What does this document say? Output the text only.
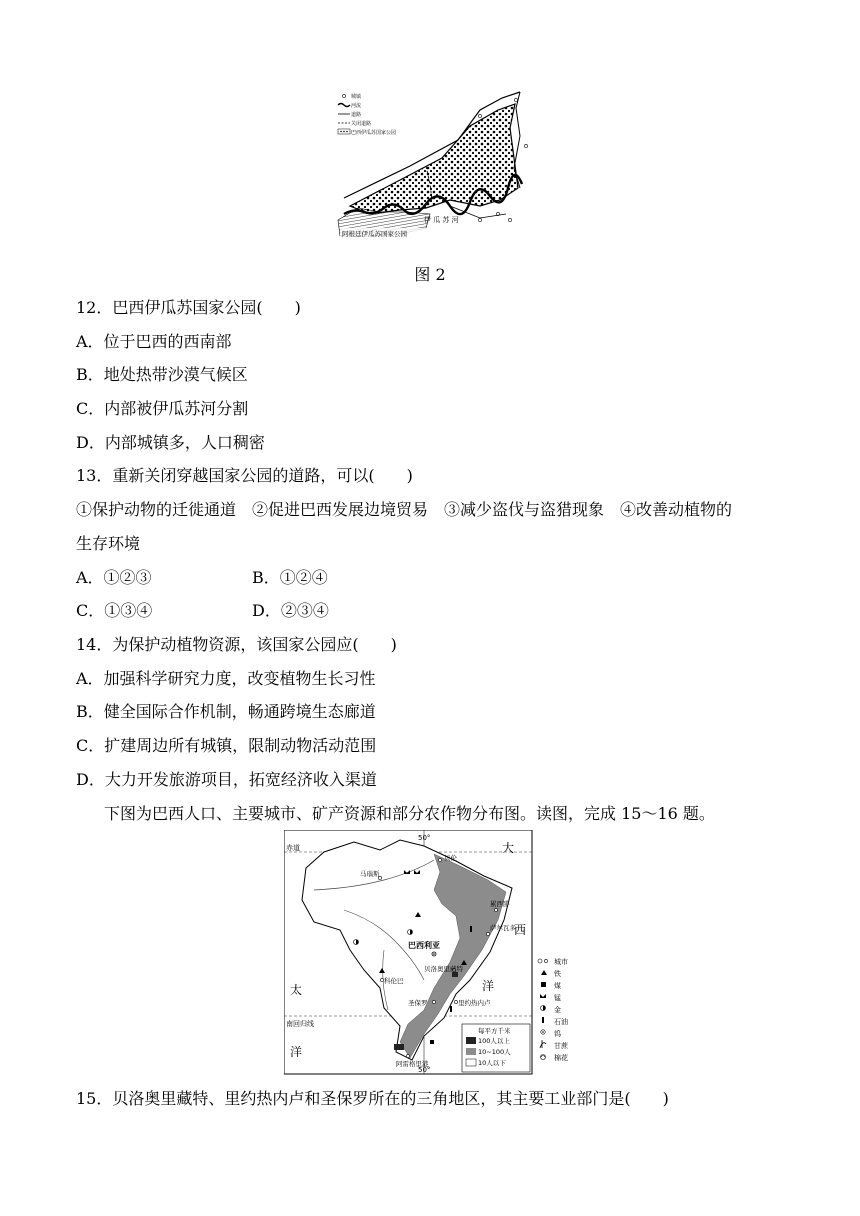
城镇
河流
道路
关闭道路
巴西伊瓜苏国家公园
伊 瓜 苏 河
阿根廷伊瓜苏国家公园
图 2
12．巴西伊瓜苏国家公园(　　)
A．位于巴西的西南部
B．地处热带沙漠气候区
C．内部被伊瓜苏河分割
D．内部城镇多，人口稠密
13．重新关闭穿越国家公园的道路，可以(　　)
①保护动物的迁徙通道　②促进巴西发展边境贸易　③减少盗伐与盗猎现象　④改善动植物的
生存环境
A．①②③	B．①②④
C．①③④	D．②③④
14．为保护动植物资源，该国家公园应(　　)
A．加强科学研究力度，改变植物生长习性
B．健全国际合作机制，畅通跨境生态廊道
C．扩建周边所有城镇，限制动物活动范围
D．大力开发旅游项目，拓宽经济收入渠道
下图为巴西人口、主要城市、矿产资源和部分农作物分布图。读图，完成 15～16 题。
50°
50°
赤道
南回归线
大
西
洋
太
洋
马瑙斯
贝伦
累西腓
萨尔瓦多
巴西利亚
贝洛奥里藏特
科伦巴
圣保罗	里约热内卢
阿雷格里港
每平方千米
100人以上
10~100人
10人以下
城市
铁
煤
锰
金
石油
钨
甘蔗
棉花
15．贝洛奥里藏特、里约热内卢和圣保罗所在的三角地区，其主要工业部门是(　　)
